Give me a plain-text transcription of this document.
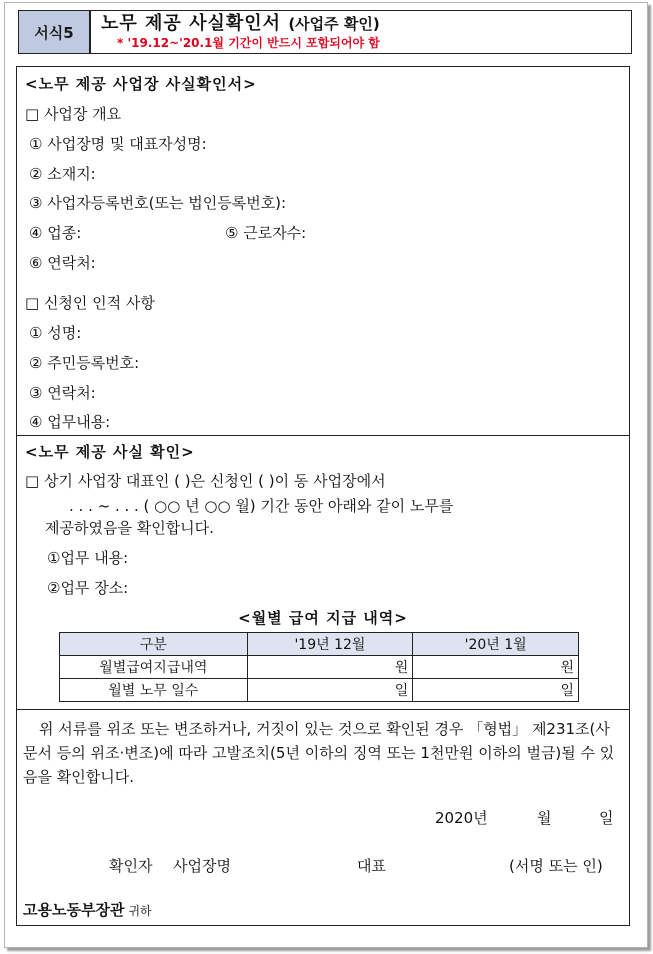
서식5 노무 제공 사실확인서 (사업주 확인)
* '19.12~'20.1월 기간이 반드시 포함되어야 함
<노무 제공 사업장 사실확인서>
□ 사업장 개요
① 사업장명 및 대표자성명:
② 소재지:
③ 사업자등록번호(또는 법인등록번호):
④ 업종:	⑤ 근로자수:
⑥ 연락처:
□ 신청인 인적 사항
① 성명:
② 주민등록번호:
③ 연락처:
④ 업무내용:
<노무 제공 사실 확인>
□ 상기 사업장 대표인 ( )은 신청인 ( )이 동 사업장에서
. . . ~ . . . ( ○○ 년 ○○ 월) 기간 동안 아래와 같이 노무를
제공하였음을 확인합니다.
①업무 내용:
②업무 장소:
<월별 급여 지급 내역>
구분	'19년 12월	'20년 1월
월별급여지급내역	원	원
월별 노무 일수	일	일
위 서류를 위조 또는 변조하거나, 거짓이 있는 것으로 확인된 경우 「형법」 제231조(사문서 등의 위조·변조)에 따라 고발조치(5년 이하의 징역 또는 1천만원 이하의 벌금)될 수 있음을 확인합니다.
2020년	월	일
확인자 사업장명	대표	(서명 또는 인)
고용노동부장관 귀하
